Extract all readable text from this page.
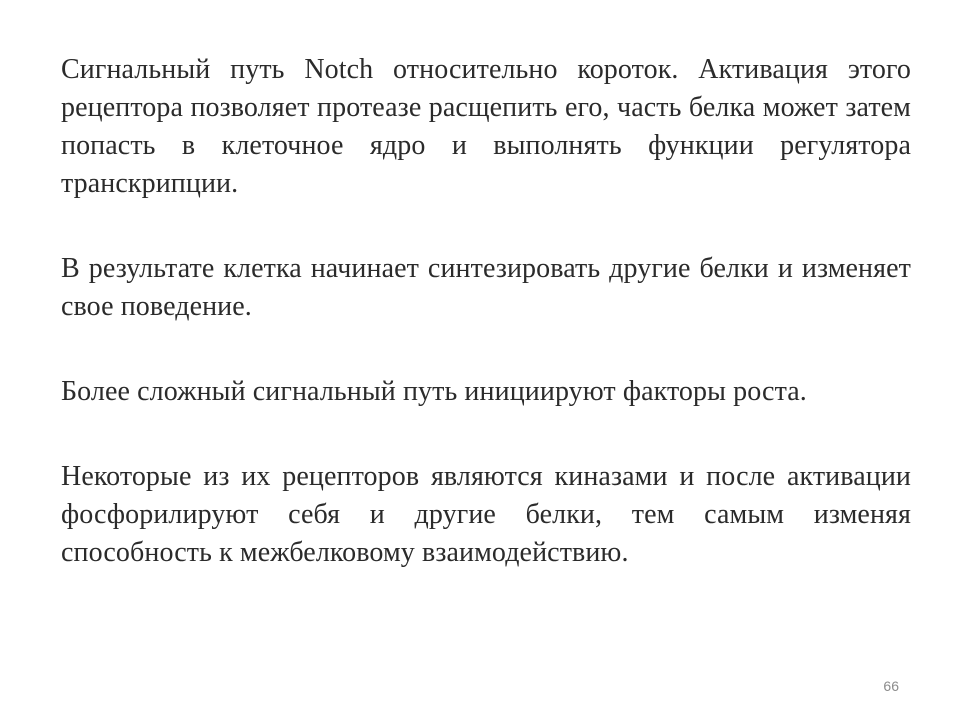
Сигнальный путь Notch относительно короток. Активация этого рецептора позволяет протеазе расщепить его, часть белка может затем попасть в клеточное ядро и выполнять функции регулятора транскрипции.

В результате клетка начинает синтезировать другие белки и изменяет свое поведение.

Более сложный сигнальный путь инициируют факторы роста.

Некоторые из их рецепторов являются киназами и после активации фосфорилируют себя и другие белки, тем самым изменяя способность к межбелковому взаимодействию.

66
